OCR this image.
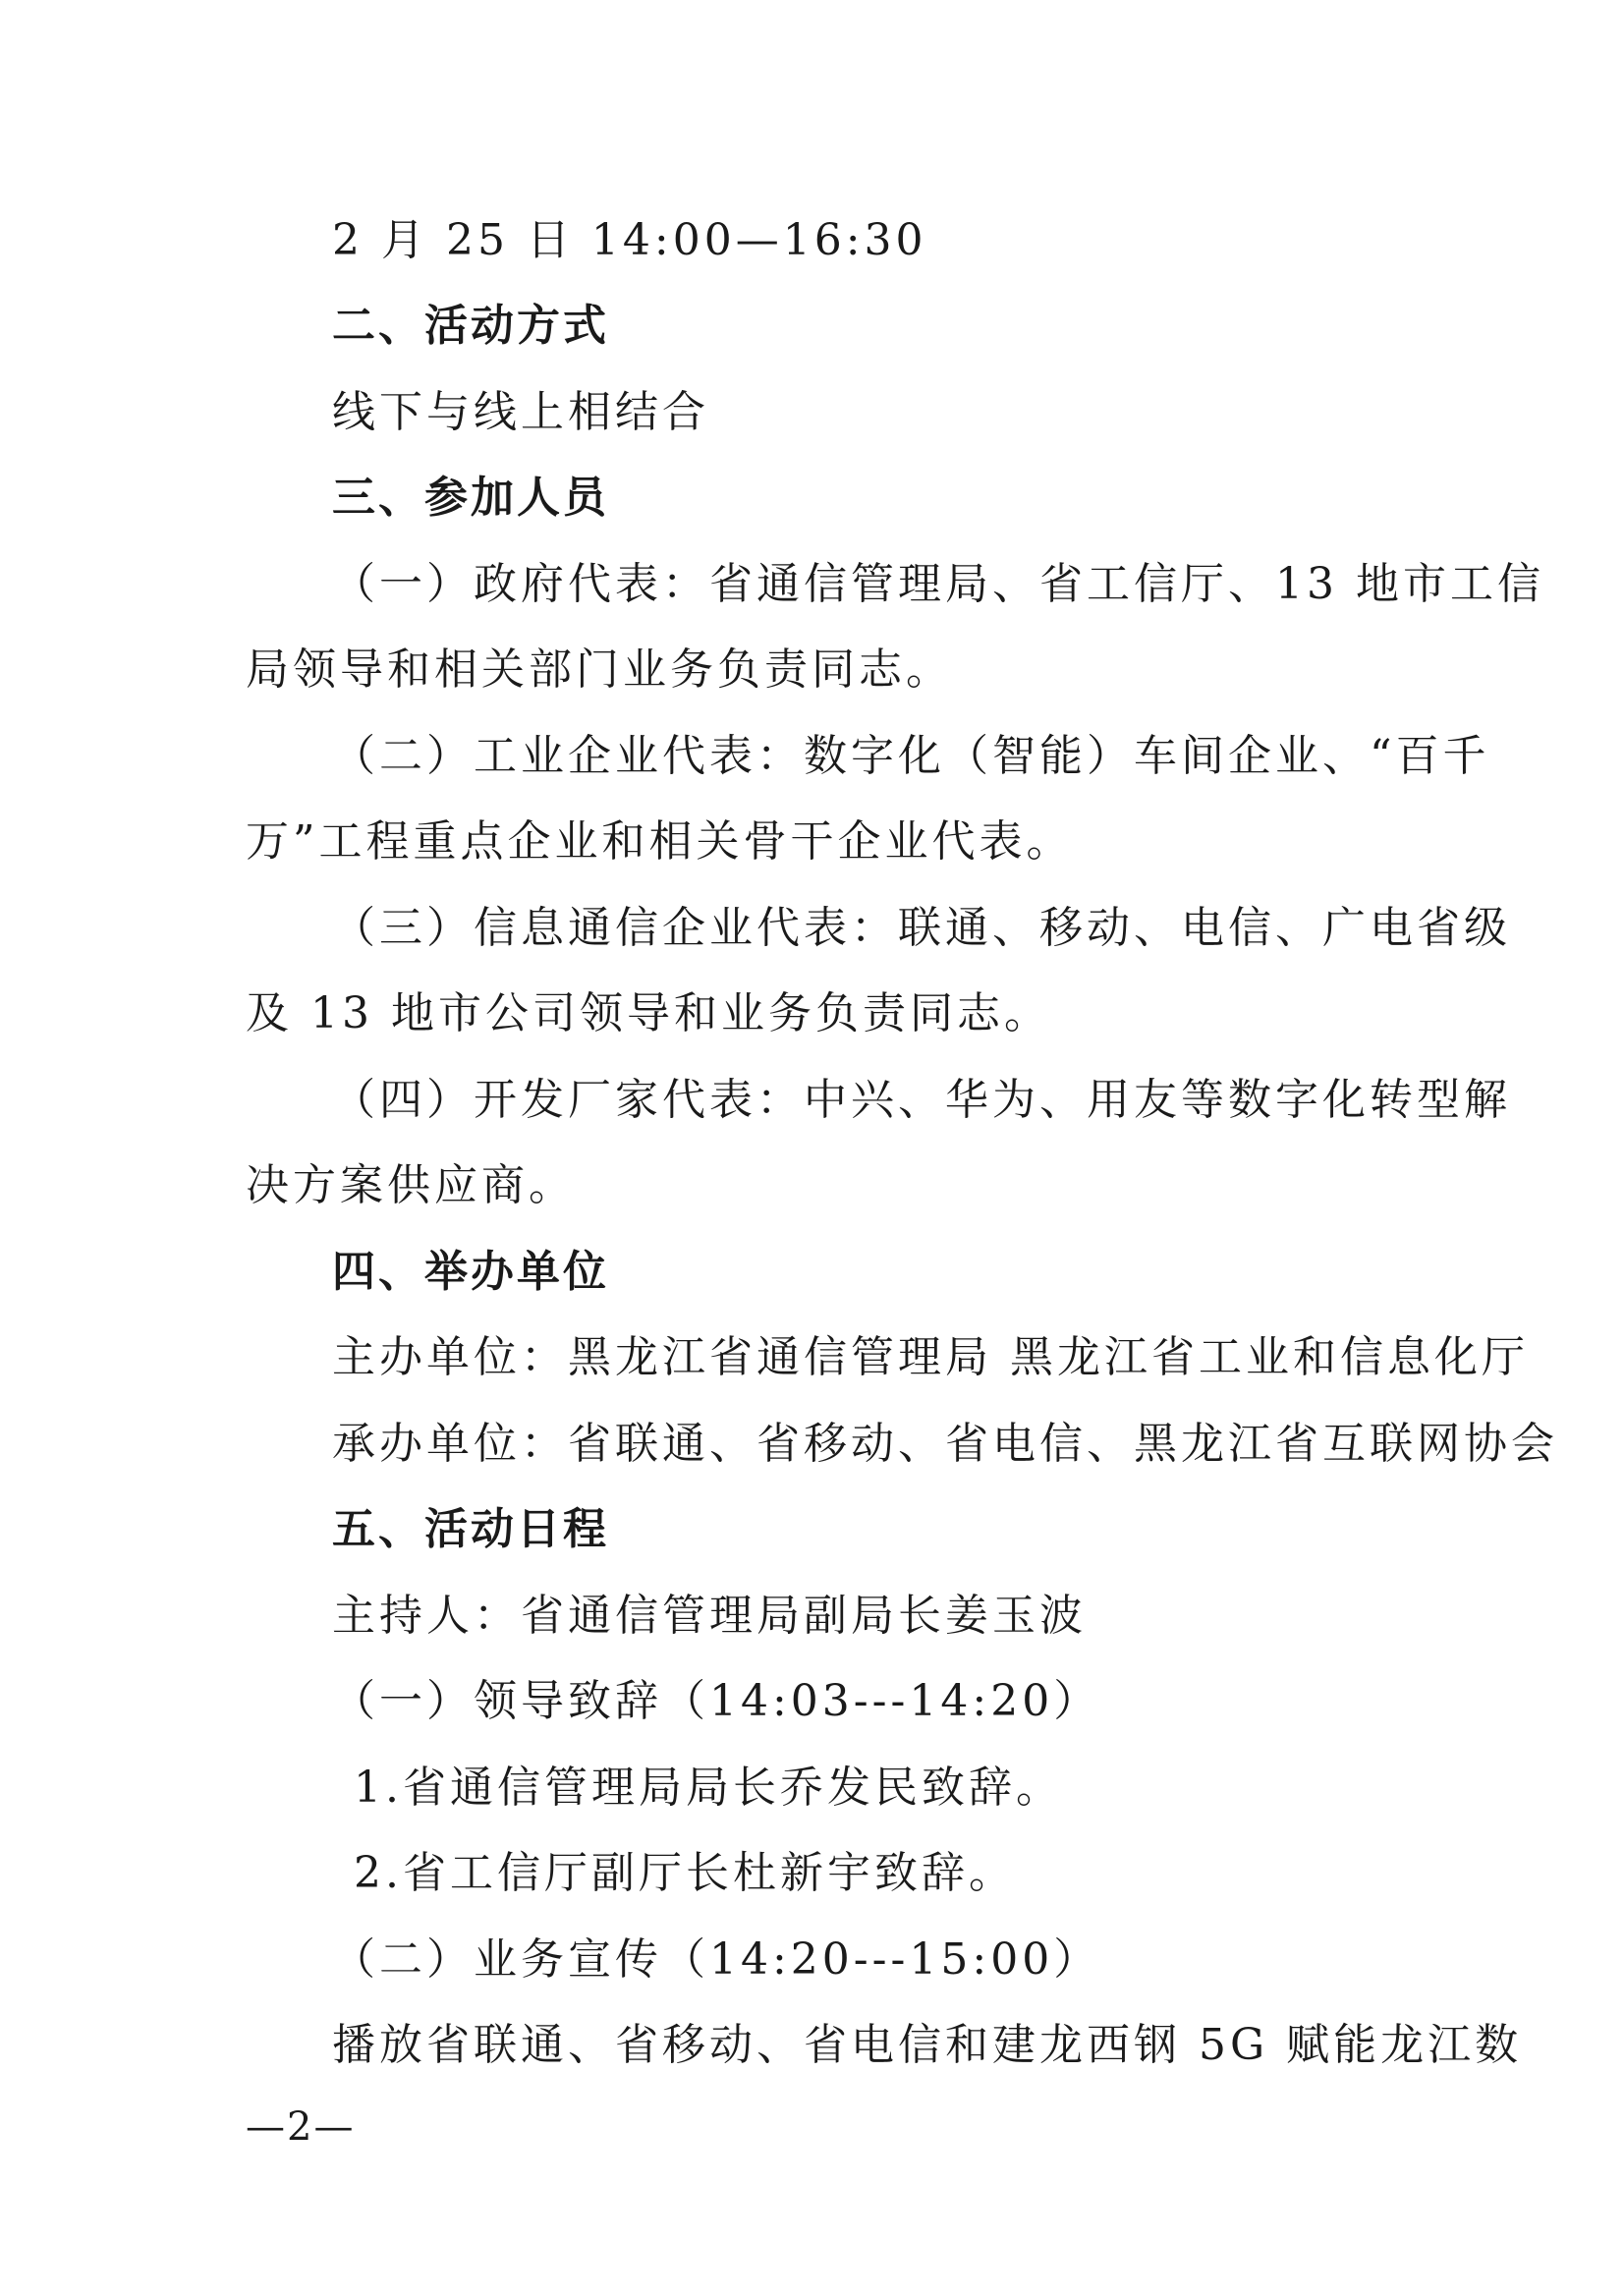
2 月 25 日 14:00—16:30
二、活动方式
线下与线上相结合
三、参加人员
（一）政府代表：省通信管理局、省工信厅、13 地市工信
局领导和相关部门业务负责同志。
（二）工业企业代表：数字化（智能）车间企业、“百千
万”工程重点企业和相关骨干企业代表。
（三）信息通信企业代表：联通、移动、电信、广电省级
及 13 地市公司领导和业务负责同志。
（四）开发厂家代表：中兴、华为、用友等数字化转型解
决方案供应商。
四、举办单位
主办单位：黑龙江省通信管理局 黑龙江省工业和信息化厅
承办单位：省联通、省移动、省电信、黑龙江省互联网协会
五、活动日程
主持人：省通信管理局副局长姜玉波
（一）领导致辞（14:03---14:20）
1.省通信管理局局长乔发民致辞。
2.省工信厅副厅长杜新宇致辞。
（二）业务宣传（14:20---15:00）
播放省联通、省移动、省电信和建龙西钢 5G 赋能龙江数
—2—
